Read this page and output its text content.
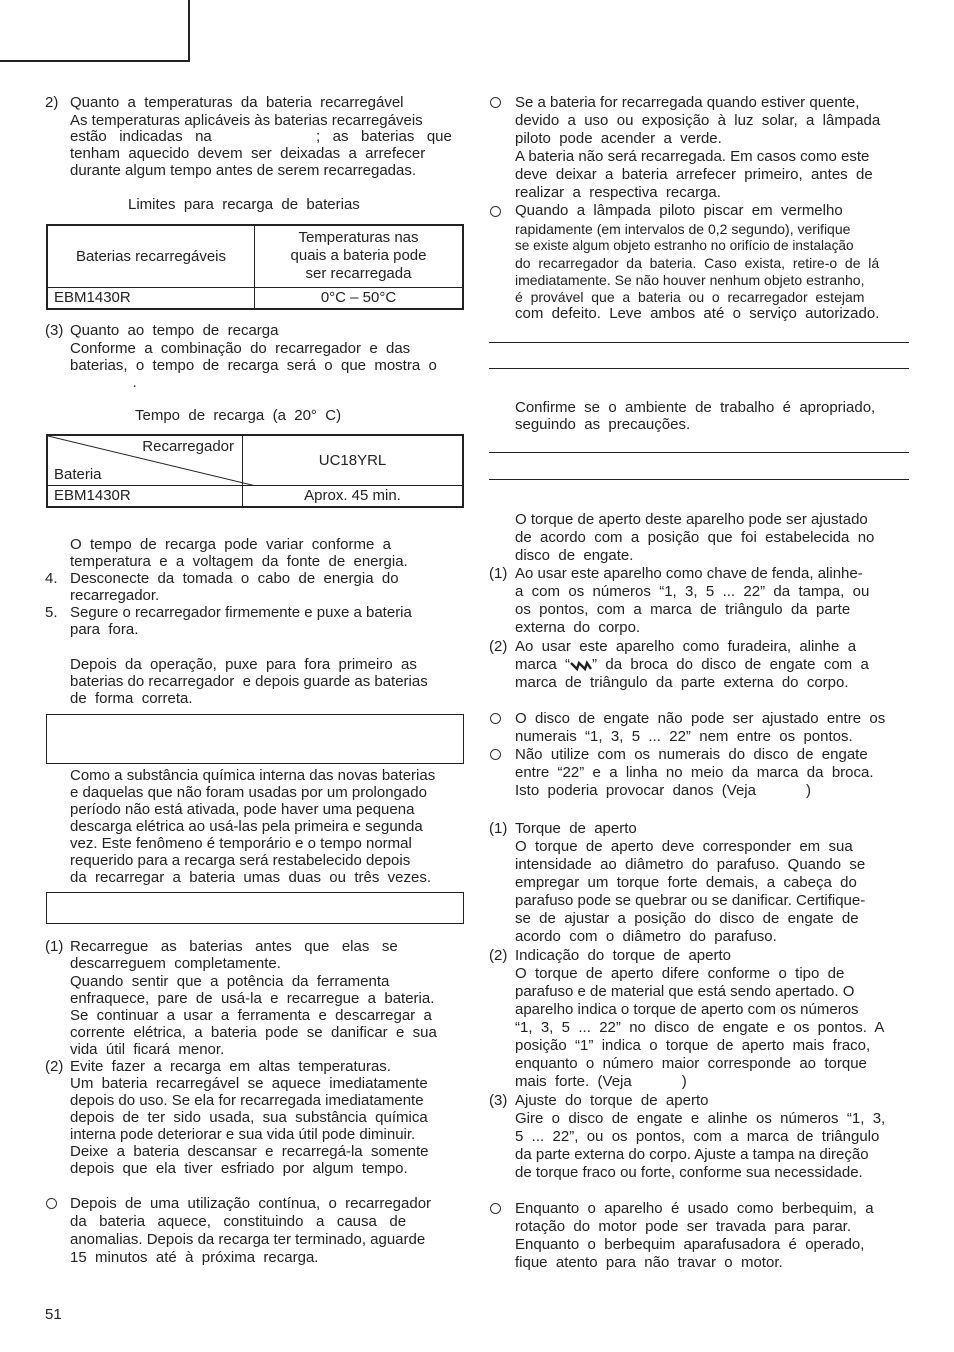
2) Quanto  a  temperaturas  da  bateria  recarregável
As temperaturas aplicáveis às baterias recarregáveis
estão   indicadas   na                         ;   as   baterias   que
tenham  aquecido  devem  ser  deixadas  a  arrefecer
durante algum tempo antes de serem recarregadas.
Limites  para  recarga  de  baterias
Baterias recarregáveis	Temperaturas nas
quais a bateria pode
ser recarregada

EBM1430R	0°C – 50°C
(3) Quanto  ao  tempo  de  recarga
Conforme  a  combinação  do  recarregador  e  das
baterias,  o  tempo  de  recarga  será  o  que  mostra  o
.
Tempo  de  recarga  (a  20°  C)
Recarregador
Bateria	UC18YRL
EBM1430R	Aprox. 45 min.
O  tempo  de  recarga  pode  variar  conforme  a
temperatura  e  a  voltagem  da  fonte  de  energia.
4. Desconecte  da  tomada  o  cabo  de  energia  do
recarregador.
5. Segure o recarregador firmemente e puxe a bateria
para  fora.
Depois  da  operação,  puxe  para  fora  primeiro  as
baterias do recarregador  e depois guarde as baterias
de  forma  correta.
Como a substância química interna das novas baterias
e daquelas que não foram usadas por um prolongado
período não está ativada, pode haver uma pequena
descarga elétrica ao usá-las pela primeira e segunda
vez. Este fenômeno é temporário e o tempo normal
requerido para a recarga será restabelecido depois
da  recarregar  a  bateria  umas  duas  ou  três  vezes.
(1) Recarregue   as   baterias   antes   que   elas   se
descarreguem  completamente.
Quando  sentir  que  a  potência  da  ferramenta
enfraquece,  pare  de  usá-la  e  recarregue  a  bateria.
Se  continuar  a  usar  a  ferramenta  e  descarregar  a
corrente  elétrica,  a  bateria  pode  se  danificar  e  sua
vida  útil  ficará  menor.
(2) Evite  fazer  a  recarga  em  altas  temperaturas.
Um  bateria  recarregável  se  aquece  imediatamente
depois do uso. Se ela for recarregada imediatamente
depois  de  ter  sido  usada,  sua  substância  química
interna pode deteriorar e sua vida útil pode diminuir.
Deixe  a  bateria  descansar  e  recarregá-la  somente
depois  que  ela  tiver  esfriado  por  algum  tempo.
Depois  de  uma  utilização  contínua,  o  recarregador
da   bateria   aquece,   constituindo   a   causa   de
anomalias. Depois da recarga ter terminado, aguarde
15  minutos  até  à  próxima  recarga.
51
Se a bateria for recarregada quando estiver quente,
devido  a  uso  ou  exposição  à  luz  solar,  a  lâmpada
piloto  pode  acender  a  verde.
A bateria não será recarregada. Em casos como este
deve  deixar  a  bateria  arrefecer  primeiro,  antes  de
realizar  a  respectiva  recarga.
Quando  a  lâmpada  piloto  piscar  em  vermelho
rapidamente (em intervalos de 0,2 segundo), verifique
se existe algum objeto estranho no orifício de instalação
do  recarregador  da  bateria.  Caso  exista,  retire-o  de  lá
imediatamente. Se não houver nenhum objeto estranho,
é  provável  que  a  bateria  ou  o  recarregador  estejam
com  defeito.  Leve  ambos  até  o  serviço  autorizado.
Confirme  se  o  ambiente  de  trabalho  é  apropriado,
seguindo  as  precauções.
O torque de aperto deste aparelho pode ser ajustado
de  acordo  com  a  posição  que  foi  estabelecida  no
disco  de  engate.
(1) Ao usar este aparelho como chave de fenda, alinhe-
a  com  os  números  “1,  3,  5  ...  22”  da  tampa,  ou
os  pontos,  com  a  marca  de  triângulo  da  parte
externa  do  corpo.
(2) Ao  usar  este  aparelho  como  furadeira,  alinhe  a
marca  “ ”  da  broca  do  disco  de  engate  com  a
marca  de  triângulo  da  parte  externa  do  corpo.
O  disco  de  engate  não  pode  ser  ajustado  entre  os
numerais  “1,  3,  5  ...  22”  nem  entre  os  pontos.
Não  utilize  com  os  numerais  do  disco  de  engate
entre  “22”  e  a  linha  no  meio  da  marca  da  broca.
Isto  poderia  provocar  danos  (Veja            )
(1) Torque  de  aperto
O  torque  de  aperto  deve  corresponder  em  sua
intensidade  ao  diâmetro  do  parafuso.  Quando  se
empregar  um  torque  forte  demais,  a  cabeça  do
parafuso pode se quebrar ou se danificar. Certifique-
se  de  ajustar  a  posição  do  disco  de  engate  de
acordo  com  o  diâmetro  do  parafuso.
(2) Indicação  do  torque  de  aperto
O  torque  de  aperto  difere  conforme  o  tipo  de
parafuso e de material que está sendo apertado. O
aparelho indica o torque de aperto com os números
“1,  3,  5  ...  22”  no  disco  de  engate  e  os  pontos.  A
posição  “1”  indica  o  torque  de  aperto  mais  fraco,
enquanto  o  número  maior  corresponde  ao  torque
mais  forte.  (Veja            )
(3) Ajuste  do  torque  de  aperto
Gire  o  disco  de  engate  e  alinhe  os  números  “1,  3,
5  ...  22”,  ou  os  pontos,  com  a  marca  de  triângulo
da parte externa do corpo. Ajuste a tampa na direção
de torque fraco ou forte, conforme sua necessidade.
Enquanto  o  aparelho  é  usado  como  berbequim,  a
rotação  do  motor  pode  ser  travada  para  parar.
Enquanto  o  berbequim  aparafusadora  é  operado,
fique  atento  para  não  travar  o  motor.
